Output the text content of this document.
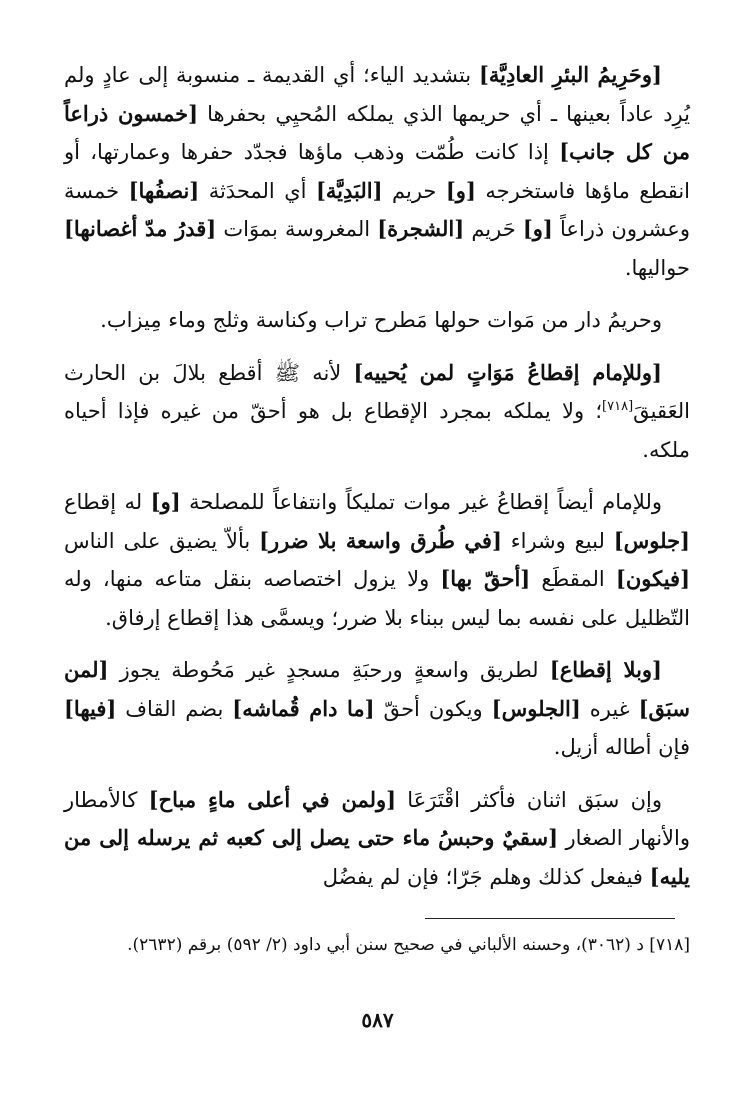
[وحَرِيمُ البئرِ العادِيَّة] بتشديد الياء؛ أي القديمة ـ منسوبة إلى عادٍ ولم يُرِد عاداً بعينها ـ أي حريمها الذي يملكه المُحيِي بحفرها [خمسون ذراعاً من كل جانب] إذا كانت طُمّت وذهب ماؤها فجدّد حفرها وعمارتها، أو انقطع ماؤها فاستخرجه [و] حريم [البَدِيَّة] أي المحدَثة [نصفُها] خمسة وعشرون ذراعاً [و] حَريم [الشجرة] المغروسة بموَات [قدرُ مدّ أغصانها] حواليها.

وحريمُ دار من مَوات حولها مَطرح تراب وكناسة وثلج وماء مِيزاب.

[وللإمام إقطاعُ مَوَاتٍ لمن يُحييه] لأنه ﷺ أقطع بلالَ بن الحارث العَقيقَ[٧١٨]؛ ولا يملكه بمجرد الإقطاع بل هو أحقّ من غيره فإذا أحياه ملكه.

وللإمام أيضاً إقطاعُ غير موات تمليكاً وانتفاعاً للمصلحة [و] له إقطاع [جلوس] لبيع وشراء [في طُرق واسعة بلا ضرر] بألاّ يضيق على الناس [فيكون] المقطَع [أحقّ بها] ولا يزول اختصاصه بنقل متاعه منها، وله التّظليل على نفسه بما ليس ببناء بلا ضرر؛ ويسمَّى هذا إقطاع إرفاق.

[وبلا إقطاع] لطريق واسعةٍ ورحبَةِ مسجدٍ غير مَحُوطة يجوز [لمن سبَق] غيره [الجلوس] ويكون أحقّ [ما دام قُماشه] بضم القاف [فيها] فإن أطاله أزيل.

وإن سبَق اثنان فأكثر اقْتَرَعَا [ولمن في أعلى ماءٍ مباح] كالأمطار والأنهار الصغار [سقيٌ وحبسُ ماء حتى يصل إلى كعبه ثم يرسله إلى من يليه] فيفعل كذلك وهلم جَرّا؛ فإن لم يفضُل

[٧١٨] د (٣٠٦٢)، وحسنه الألباني في صحيح سنن أبي داود (٢/ ٥٩٢) برقم (٢٦٣٢).
٥٨٧
